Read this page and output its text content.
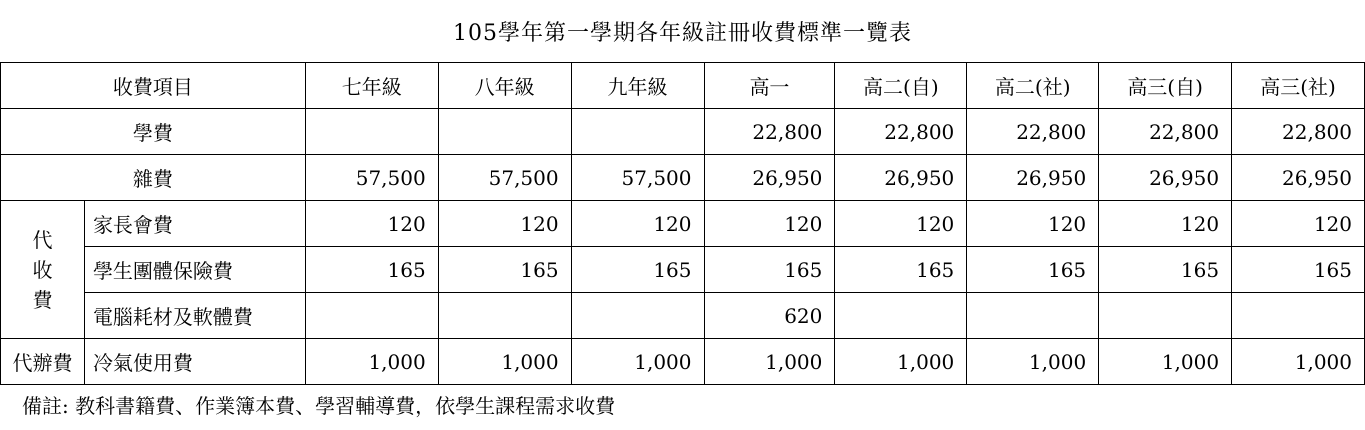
105學年第一學期各年級註冊收費標準一覽表
收費項目		七年級	八年級	九年級	高一	高二(自)	高二(社)	高三(自)	高三(社)
學費					22,800	22,800	22,800	22,800	22,800
雜費		57,500	57,500	57,500	26,950	26,950	26,950	26,950	26,950

代
收
費	家長會費	120	120	120	120	120	120	120	120
	學生團體保險費	165	165	165	165	165	165	165	165
	電腦耗材及軟體費				620				
代辦費	冷氣使用費	1,000	1,000	1,000	1,000	1,000	1,000	1,000	1,000
備註: 教科書籍費、作業簿本費、學習輔導費，依學生課程需求收費
